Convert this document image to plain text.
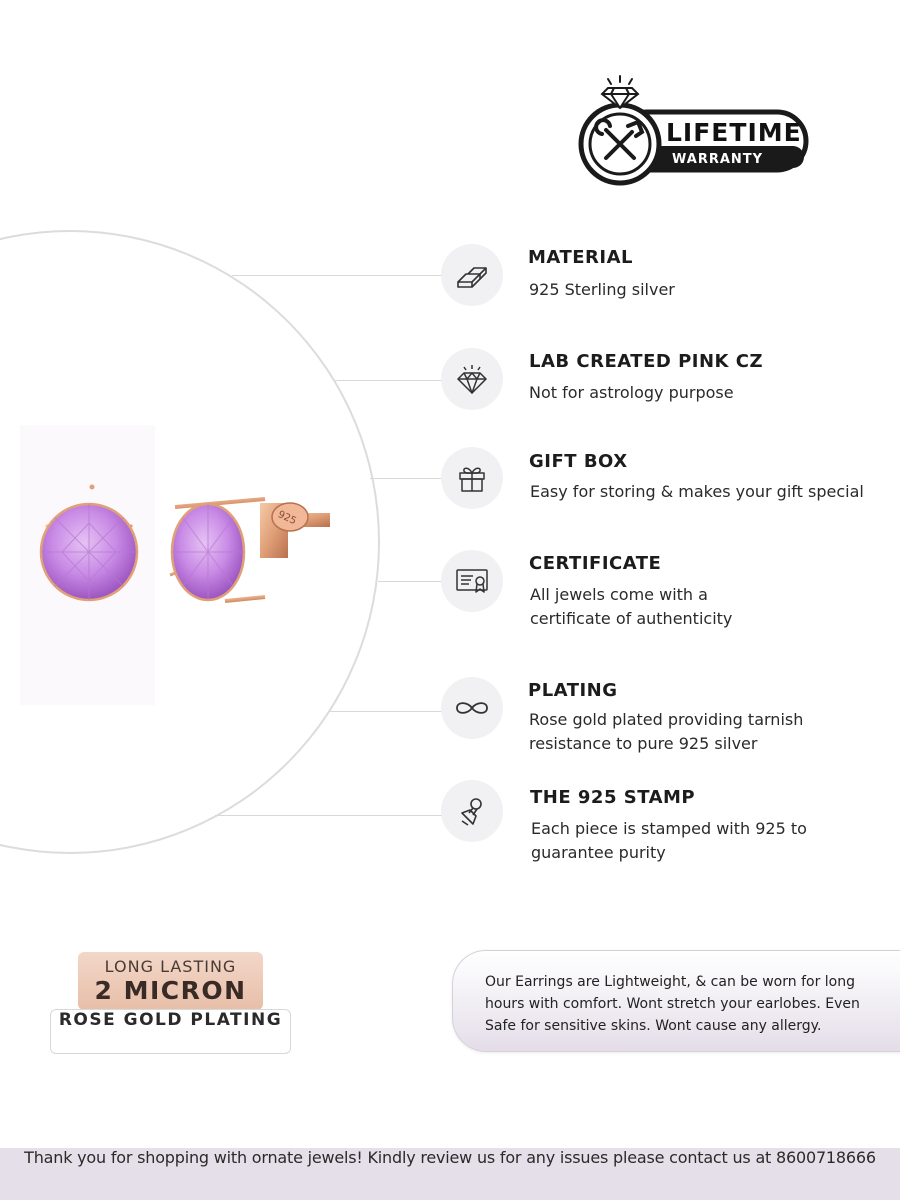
LIFETIME
WARRANTY
925
MATERIAL
925 Sterling silver
LAB CREATED PINK CZ
Not for astrology purpose
GIFT BOX
Easy for storing & makes your gift special
CERTIFICATE
All jewels come with a
certificate of authenticity
PLATING
Rose gold plated providing tarnish
resistance to pure 925 silver
THE 925 STAMP
Each piece is stamped with 925 to
guarantee purity
LONG LASTING
2 MICRON
ROSE GOLD PLATING
Our Earrings are Lightweight, & can be worn for long
hours with comfort. Wont stretch your earlobes. Even
Safe for sensitive skins. Wont cause any allergy.
Thank you for shopping with ornate jewels! Kindly review us for any issues please contact us at 8600718666
